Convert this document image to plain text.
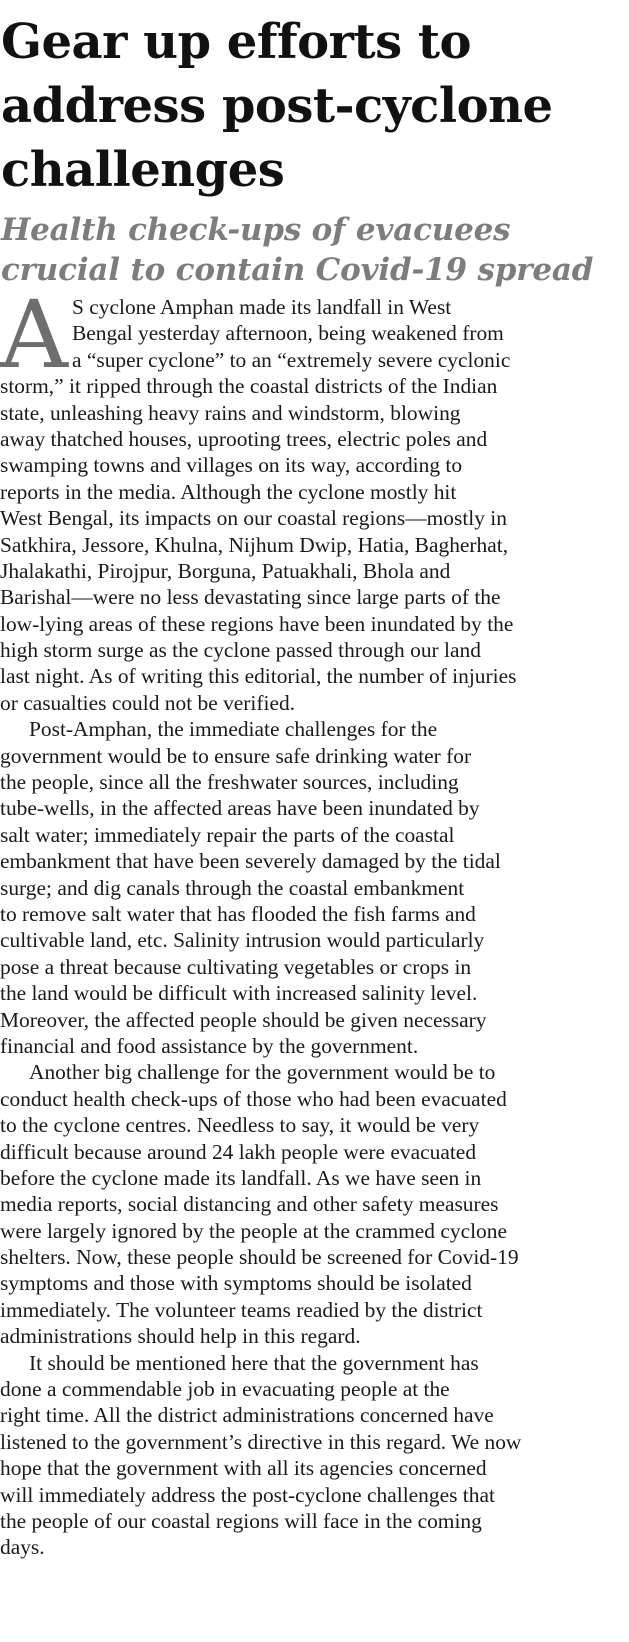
Gear up efforts to
address post-cyclone
challenges
Health check-ups of evacuees
crucial to contain Covid-19 spread
A S cyclone Amphan made its landfall in West
Bengal yesterday afternoon, being weakened from
a “super cyclone” to an “extremely severe cyclonic
storm,” it ripped through the coastal districts of the Indian
state, unleashing heavy rains and windstorm, blowing
away thatched houses, uprooting trees, electric poles and
swamping towns and villages on its way, according to
reports in the media. Although the cyclone mostly hit
West Bengal, its impacts on our coastal regions—mostly in
Satkhira, Jessore, Khulna, Nijhum Dwip, Hatia, Bagherhat,
Jhalakathi, Pirojpur, Borguna, Patuakhali, Bhola and
Barishal—were no less devastating since large parts of the
low-lying areas of these regions have been inundated by the
high storm surge as the cyclone passed through our land
last night. As of writing this editorial, the number of injuries
or casualties could not be verified.
Post-Amphan, the immediate challenges for the
government would be to ensure safe drinking water for
the people, since all the freshwater sources, including
tube-wells, in the affected areas have been inundated by
salt water; immediately repair the parts of the coastal
embankment that have been severely damaged by the tidal
surge; and dig canals through the coastal embankment
to remove salt water that has flooded the fish farms and
cultivable land, etc. Salinity intrusion would particularly
pose a threat because cultivating vegetables or crops in
the land would be difficult with increased salinity level.
Moreover, the affected people should be given necessary
financial and food assistance by the government.
Another big challenge for the government would be to
conduct health check-ups of those who had been evacuated
to the cyclone centres. Needless to say, it would be very
difficult because around 24 lakh people were evacuated
before the cyclone made its landfall. As we have seen in
media reports, social distancing and other safety measures
were largely ignored by the people at the crammed cyclone
shelters. Now, these people should be screened for Covid-19
symptoms and those with symptoms should be isolated
immediately. The volunteer teams readied by the district
administrations should help in this regard.
It should be mentioned here that the government has
done a commendable job in evacuating people at the
right time. All the district administrations concerned have
listened to the government’s directive in this regard. We now
hope that the government with all its agencies concerned
will immediately address the post-cyclone challenges that
the people of our coastal regions will face in the coming
days.
